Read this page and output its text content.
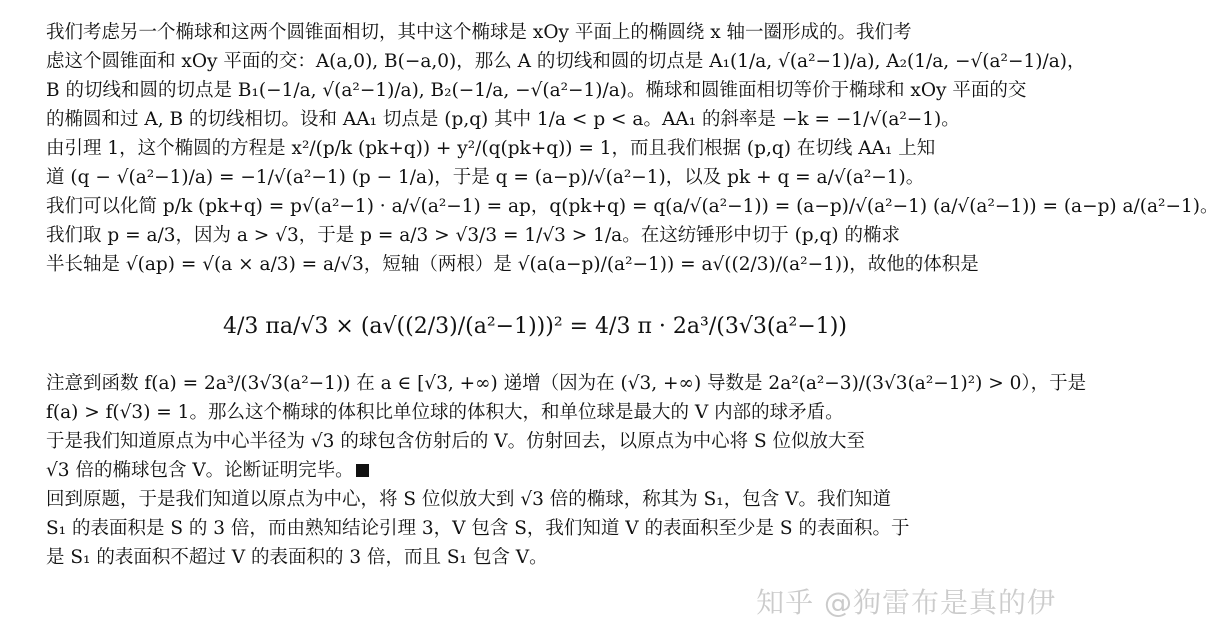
我们考虑另一个椭球和这两个圆锥面相切，其中这个椭球是 xOy 平面上的椭圆绕 x 轴一圈形成的。我们考
虑这个圆锥面和 xOy 平面的交：A(a,0), B(−a,0)，那么 A 的切线和圆的切点是 A₁(1/a, √(a²−1)/a), A₂(1/a, −√(a²−1)/a)，
B 的切线和圆的切点是 B₁(−1/a, √(a²−1)/a), B₂(−1/a, −√(a²−1)/a)。椭球和圆锥面相切等价于椭球和 xOy 平面的交
的椭圆和过 A, B 的切线相切。设和 AA₁ 切点是 (p,q) 其中 1/a < p < a。AA₁ 的斜率是 −k = −1/√(a²−1)。
由引理 1，这个椭圆的方程是 x²/(p/k (pk+q)) + y²/(q(pk+q)) = 1，而且我们根据 (p,q) 在切线 AA₁ 上知
道 (q − √(a²−1)/a) = −1/√(a²−1) (p − 1/a)，于是 q = (a−p)/√(a²−1)，以及 pk + q = a/√(a²−1)。
我们可以化简 p/k (pk+q) = p√(a²−1) · a/√(a²−1) = ap，q(pk+q) = q(a/√(a²−1)) = (a−p)/√(a²−1) (a/√(a²−1)) = (a−p) a/(a²−1)。
我们取 p = a/3，因为 a > √3，于是 p = a/3 > √3/3 = 1/√3 > 1/a。在这纺锤形中切于 (p,q) 的椭求
半长轴是 √(ap) = √(a × a/3) = a/√3，短轴（两根）是 √(a(a−p)/(a²−1)) = a√((2/3)/(a²−1))，故他的体积是
4/3 πa/√3 × (a√((2/3)/(a²−1)))² = 4/3 π · 2a³/(3√3(a²−1))
注意到函数 f(a) = 2a³/(3√3(a²−1)) 在 a ∈ [√3, +∞) 递增（因为在 (√3, +∞) 导数是 2a²(a²−3)/(3√3(a²−1)²) > 0），于是
f(a) > f(√3) = 1。那么这个椭球的体积比单位球的体积大，和单位球是最大的 V 内部的球矛盾。
于是我们知道原点为中心半径为 √3 的球包含仿射后的 V。仿射回去，以原点为中心将 S 位似放大至
√3 倍的椭球包含 V。论断证明完毕。
回到原题，于是我们知道以原点为中心，将 S 位似放大到 √3 倍的椭球，称其为 S₁，包含 V。我们知道
S₁ 的表面积是 S 的 3 倍，而由熟知结论引理 3，V 包含 S，我们知道 V 的表面积至少是 S 的表面积。于
是 S₁ 的表面积不超过 V 的表面积的 3 倍，而且 S₁ 包含 V。
知乎 @狗雷布是真的伊
